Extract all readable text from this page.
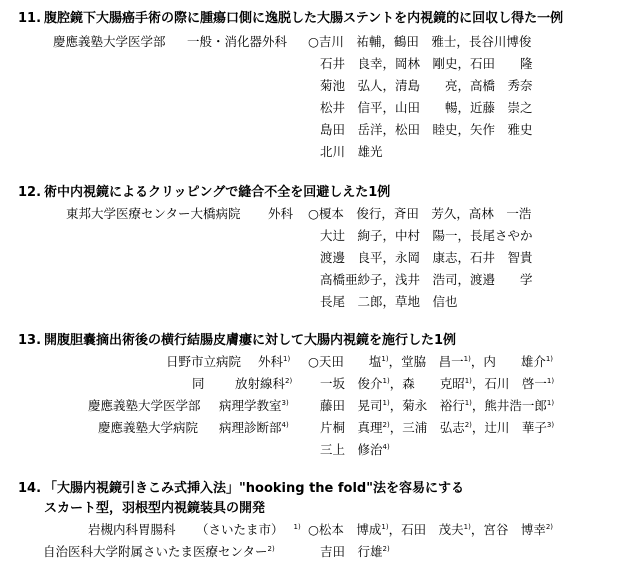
11. 腹腔鏡下大腸癌手術の際に腫瘍口側に逸脱した大腸ステントを内視鏡的に回収し得た一例
慶應義塾大学医学部 一般・消化器外科 ○吉川　祐輔，鶴田　雅士，長谷川博俊
石井　良幸，岡林　剛史，石田　　隆
菊池　弘人，清島　　亮，高橋　秀奈
松井　信平，山田　　暢，近藤　崇之
島田　岳洋，松田　睦史，矢作　雅史
北川　雄光
12. 術中内視鏡によるクリッピングで縫合不全を回避しえた1例
東邦大学医療センター大橋病院 外科 ○榎本　俊行，斉田　芳久，高林　一浩
大辻　絢子，中村　陽一，長尾さやか
渡邊　良平，永岡　康志，石井　智貴
高橋亜紗子，浅井　浩司，渡邉　　学
長尾　二郎，草地　信也
13. 開腹胆嚢摘出術後の横行結腸皮膚瘻に対して大腸内視鏡を施行した1例
日野市立病院 外科$^{1)}$
同 放射線科$^{2)}$
慶應義塾大学医学部 病理学教室$^{3)}$
慶應義塾大学病院 病理診断部$^{4)}$
○天田　　塩$^{1)}$，堂脇　昌一$^{1)}$，内　　雄介$^{1)}$
一坂　俊介$^{1)}$，森　　克昭$^{1)}$，石川　啓一$^{1)}$
藤田　晃司$^{1)}$，菊永　裕行$^{1)}$，熊井浩一郎$^{1)}$
片桐　真理$^{2)}$，三浦　弘志$^{2)}$，辻川　華子$^{3)}$
三上　修治$^{4)}$
14. 「大腸内視鏡引きこみ式挿入法」"hooking the fold"法を容易にする
スカート型，羽根型内視鏡装具の開発
岩槻内科胃腸科 （さいたま市） $^{1)}$
自治医科大学附属さいたま医療センター$^{2)}$
○松本　博成$^{1)}$，石田　茂夫$^{1)}$，宮谷　博幸$^{2)}$
吉田　行雄$^{2)}$
